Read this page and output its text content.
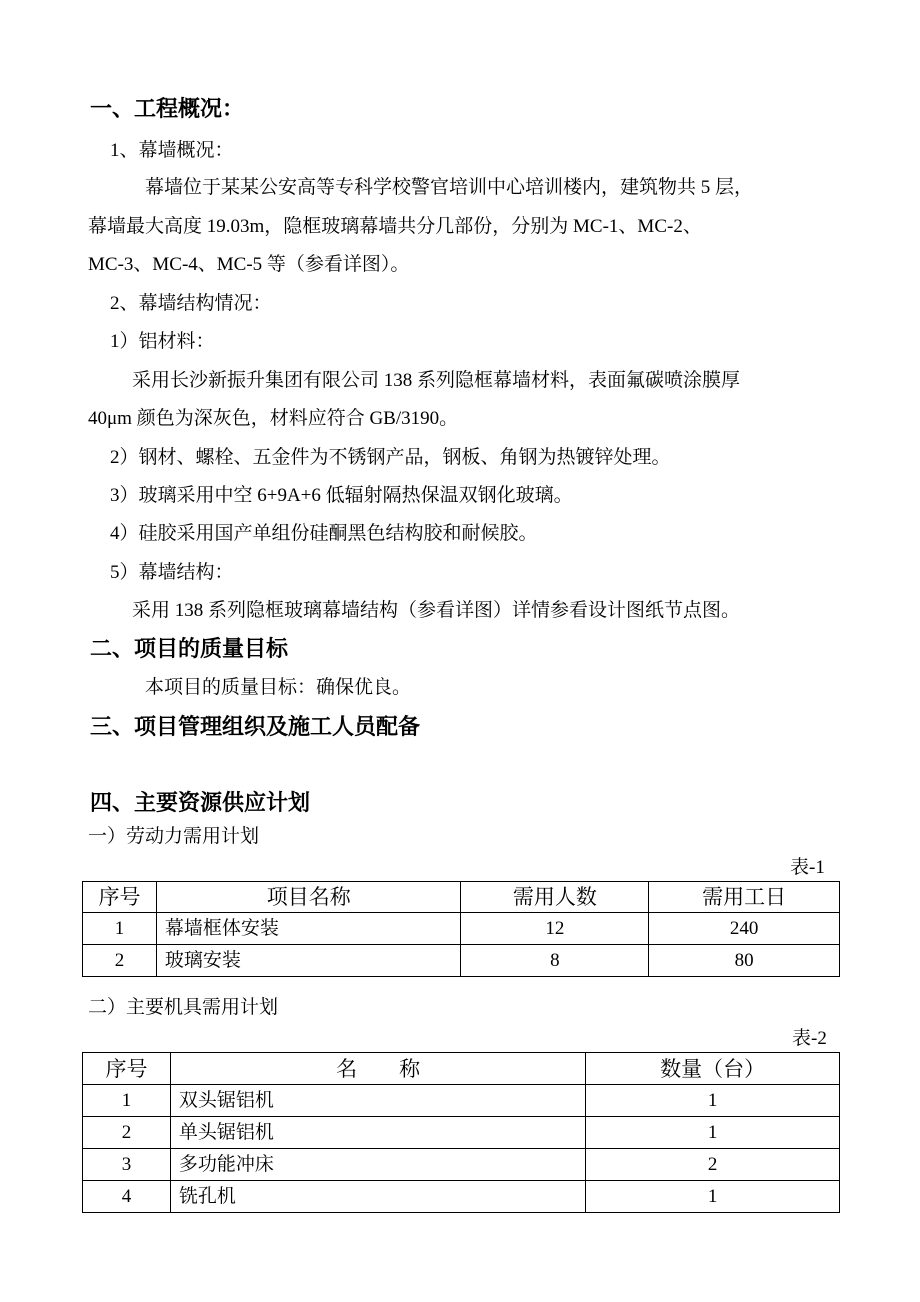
一、工程概况：
1、幕墙概况：
幕墙位于某某公安高等专科学校警官培训中心培训楼内，建筑物共 5 层，
幕墙最大高度 19.03m，隐框玻璃幕墙共分几部份，分别为 MC-1、MC-2、
MC-3、MC-4、MC-5 等（参看详图）。
2、幕墙结构情况：
1）铝材料：
采用长沙新振升集团有限公司 138 系列隐框幕墙材料，表面氟碳喷涂膜厚
40μm 颜色为深灰色，材料应符合 GB/3190。
2）钢材、螺栓、五金件为不锈钢产品，钢板、角钢为热镀锌处理。
3）玻璃采用中空 6+9A+6 低辐射隔热保温双钢化玻璃。
4）硅胶采用国产单组份硅酮黑色结构胶和耐候胶。
5）幕墙结构：
采用 138 系列隐框玻璃幕墙结构（参看详图）详情参看设计图纸节点图。
二、项目的质量目标
本项目的质量目标：确保优良。
三、项目管理组织及施工人员配备
四、主要资源供应计划
一）劳动力需用计划
表-1
序号	项目名称	需用人数	需用工日
1	幕墙框体安装	12	240
2	玻璃安装	8	80
二）主要机具需用计划
表-2
序号	名　　称	数量（台）
1	双头锯铝机	1
2	单头锯铝机	1
3	多功能冲床	2
4	铣孔机	1
